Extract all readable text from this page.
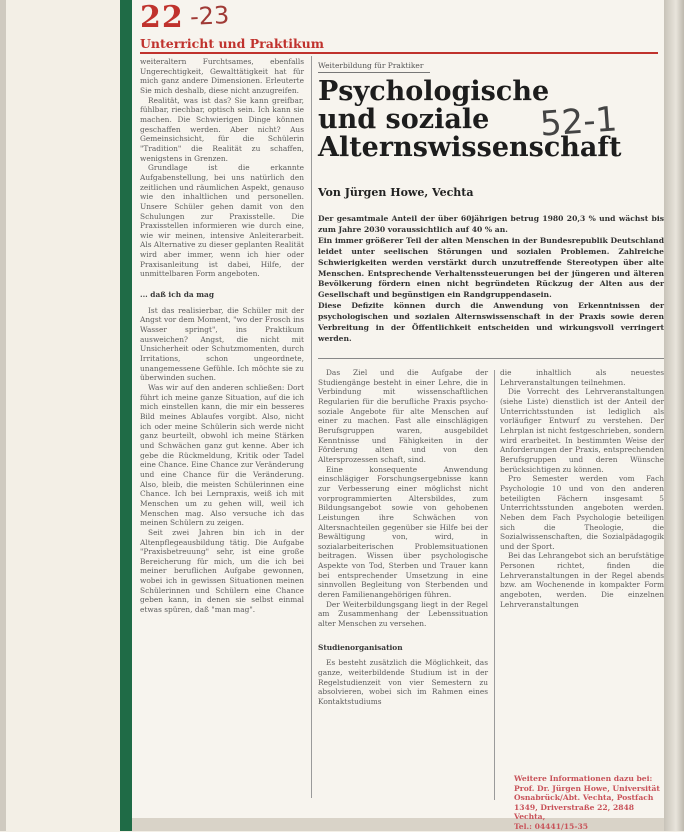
22 -23
Unterricht und Praktikum

weiteraltern Furchtsames, ebenfalls Ungerechtigkeit, Gewalttätigkeit hat für mich ganz andere Dimensionen. Erleuterte Sie mich deshalb, diese nicht anzugreifen.

Realität, was ist das? Sie kann greifbar, fühlbar, riechbar, optisch sein. Ich kann sie machen. Die Schwierigen Dinge können geschaffen werden. Aber nicht? Aus Gemeinsichsicht, für die Schülerin "Tradition" die Realität zu schaffen, wenigstens in Grenzen.

Grundlage ist die erkannte Aufgabenstellung, bei uns natürlich den zeitlichen und räumlichen Aspekt, genauso wie den inhaltlichen und personellen. Unsere Schüler gehen damit von den Schulungen zur Praxisstelle. Die Praxisstellen informieren wie durch eine, wie wir meinen, intensive Anleiterarbeit. Als Alternative zu dieser geplanten Realität wird aber immer, wenn ich hier oder Praxisanleitung ist dabei, Hilfe, der unmittelbaren Form angeboten.

... daß ich da mag

Ist das realisierbar, die Schüler mit der Angst vor dem Moment, "wo der Frosch ins Wasser springt", ins Praktikum ausweichen? Angst, die nicht mit Unsicherheit oder Schutzmomenten, durch Irritations, schon ungeordnete, unangemessene Gefühle. Ich möchte sie zu überwinden suchen.

Was wir auf den anderen schließen: Dort führt ich meine ganze Situation, auf die ich mich einstellen kann, die mir ein besseres Bild meines Ablaufes vorgibt. Also, nicht ich oder meine Schülerin sich werde nicht ganz beurteilt, obwohl ich meine Stärken und Schwächen ganz gut kenne. Aber ich gebe die Rückmeldung, Kritik oder Tadel eine Chance. Eine Chance zur Veränderung und eine Chance für die Veränderung. Also, bleib, die meisten Schülerinnen eine Chance. Ich bei Lernpraxis, weiß ich mit Menschen um zu gehen will, weil ich Menschen mag. Also versuche ich das meinen Schülern zu zeigen.

Seit zwei Jahren bin ich in der Altenpflegeausbildung tätig. Die Aufgabe "Praxisbetreuung" sehr, ist eine große Bereicherung für mich, um die ich bei meiner beruflichen Aufgabe gewonnen, wobei ich in gewissen Situationen meinen Schülerinnen und Schülern eine Chance geben kann, in denen sie selbst einmal etwas spüren, daß "man mag".

Weiterbildung für Praktiker
Psychologische
und soziale
Alternswissenschaft
52-1
Von Jürgen Howe, Vechta

Der gesamtmale Anteil der über 60jährigen betrug 1980 20,3 % und wächst bis zum Jahre 2030 voraussichtlich auf 40 % an.

Ein immer größerer Teil der alten Menschen in der Bundesrepublik Deutschland leidet unter seelischen Störungen und sozialen Problemen. Zahlreiche Schwierigkeiten werden verstärkt durch unzutreffende Stereotypen über alte Menschen. Entsprechende Verhaltenssteuerungen bei der jüngeren und älteren Bevölkerung fördern einen nicht begründeten Rückzug der Alten aus der Gesellschaft und begünstigen ein Randgruppendasein.

Diese Defizite können durch die Anwendung von Erkenntnissen der psychologischen und sozialen Alternswissenschaft in der Praxis sowie deren Verbreitung in der Öffentlichkeit entscheiden und wirkungsvoll verringert werden.

Das Ziel und die Aufgabe der Studiengänge besteht in einer Lehre, die in Verbindung mit wissenschaftlichen Regularien für die berufliche Praxis psycho-soziale Angebote für alte Menschen auf einer zu machen. Fast alle einschlägigen Berufsgruppen waren, ausgebildet Kenntnisse und Fähigkeiten in der Förderung alten und von den Altersprozessen schaft, sind.

Eine konsequente Anwendung einschlägiger Forschungsergebnisse kann zur Verbesserung einer möglichst nicht vorprogrammierten Altersbildes, zum Bildungsangebot sowie von gehobenen Leistungen ihre Schwächen von Altersnachteilen gegenüber sie Hilfe bei der Bewältigung von, wird, in sozialarbeiterischen Problemsituationen beitragen. Wissen über psychologische Aspekte von Tod, Sterben und Trauer kann bei entsprechender Umsetzung in eine sinnvollen Begleitung von Sterbenden und deren Familienangehörigen führen.

Der Weiterbildungsgang liegt in der Regel am Zusammenhang der Lebenssituation alter Menschen zu versehen.

Studienorganisation

Es besteht zusätzlich die Möglichkeit, das ganze, weiterbildende Studium ist in der Regelstudienzeit von vier Semestern zu absolvieren, wobei sich im Rahmen eines Kontaktstudiums

die inhaltlich als neuestes Lehrveranstaltungen teilnehmen.

Die Vorrecht des Lehrveranstaltungen (siehe Liste) dienstlich ist der Anteil der Unterrichtsstunden ist lediglich als vorläufiger Entwurf zu verstehen. Der Lehrplan ist nicht festgeschrieben, sondern wird erarbeitet. In bestimmten Weise der Anforderungen der Praxis, entsprechenden Berufsgruppen und deren Wünsche berücksichtigen zu können.

Pro Semester werden vom Fach Psychologie 10 und von den anderen beteiligten Fächern insgesamt 5 Unterrichtsstunden angeboten werden. Neben dem Fach Psychologie beteiligen sich die Theologie, die Sozialwissenschaften, die Sozialpädagogik und der Sport.

Bei das Lehrangebot sich an berufstätige Personen richtet, finden die Lehrveranstaltungen in der Regel abends bzw. am Wochenende in kompakter Form angeboten, werden. Die einzelnen Lehrveranstaltungen

Weitere Informationen dazu bei:

Prof. Dr. Jürgen Howe, Universität

Osnabrück/Abt. Vechta, Postfach

1349, Driverstraße 22, 2848 Vechta,

Tel.: 04441/15-35
